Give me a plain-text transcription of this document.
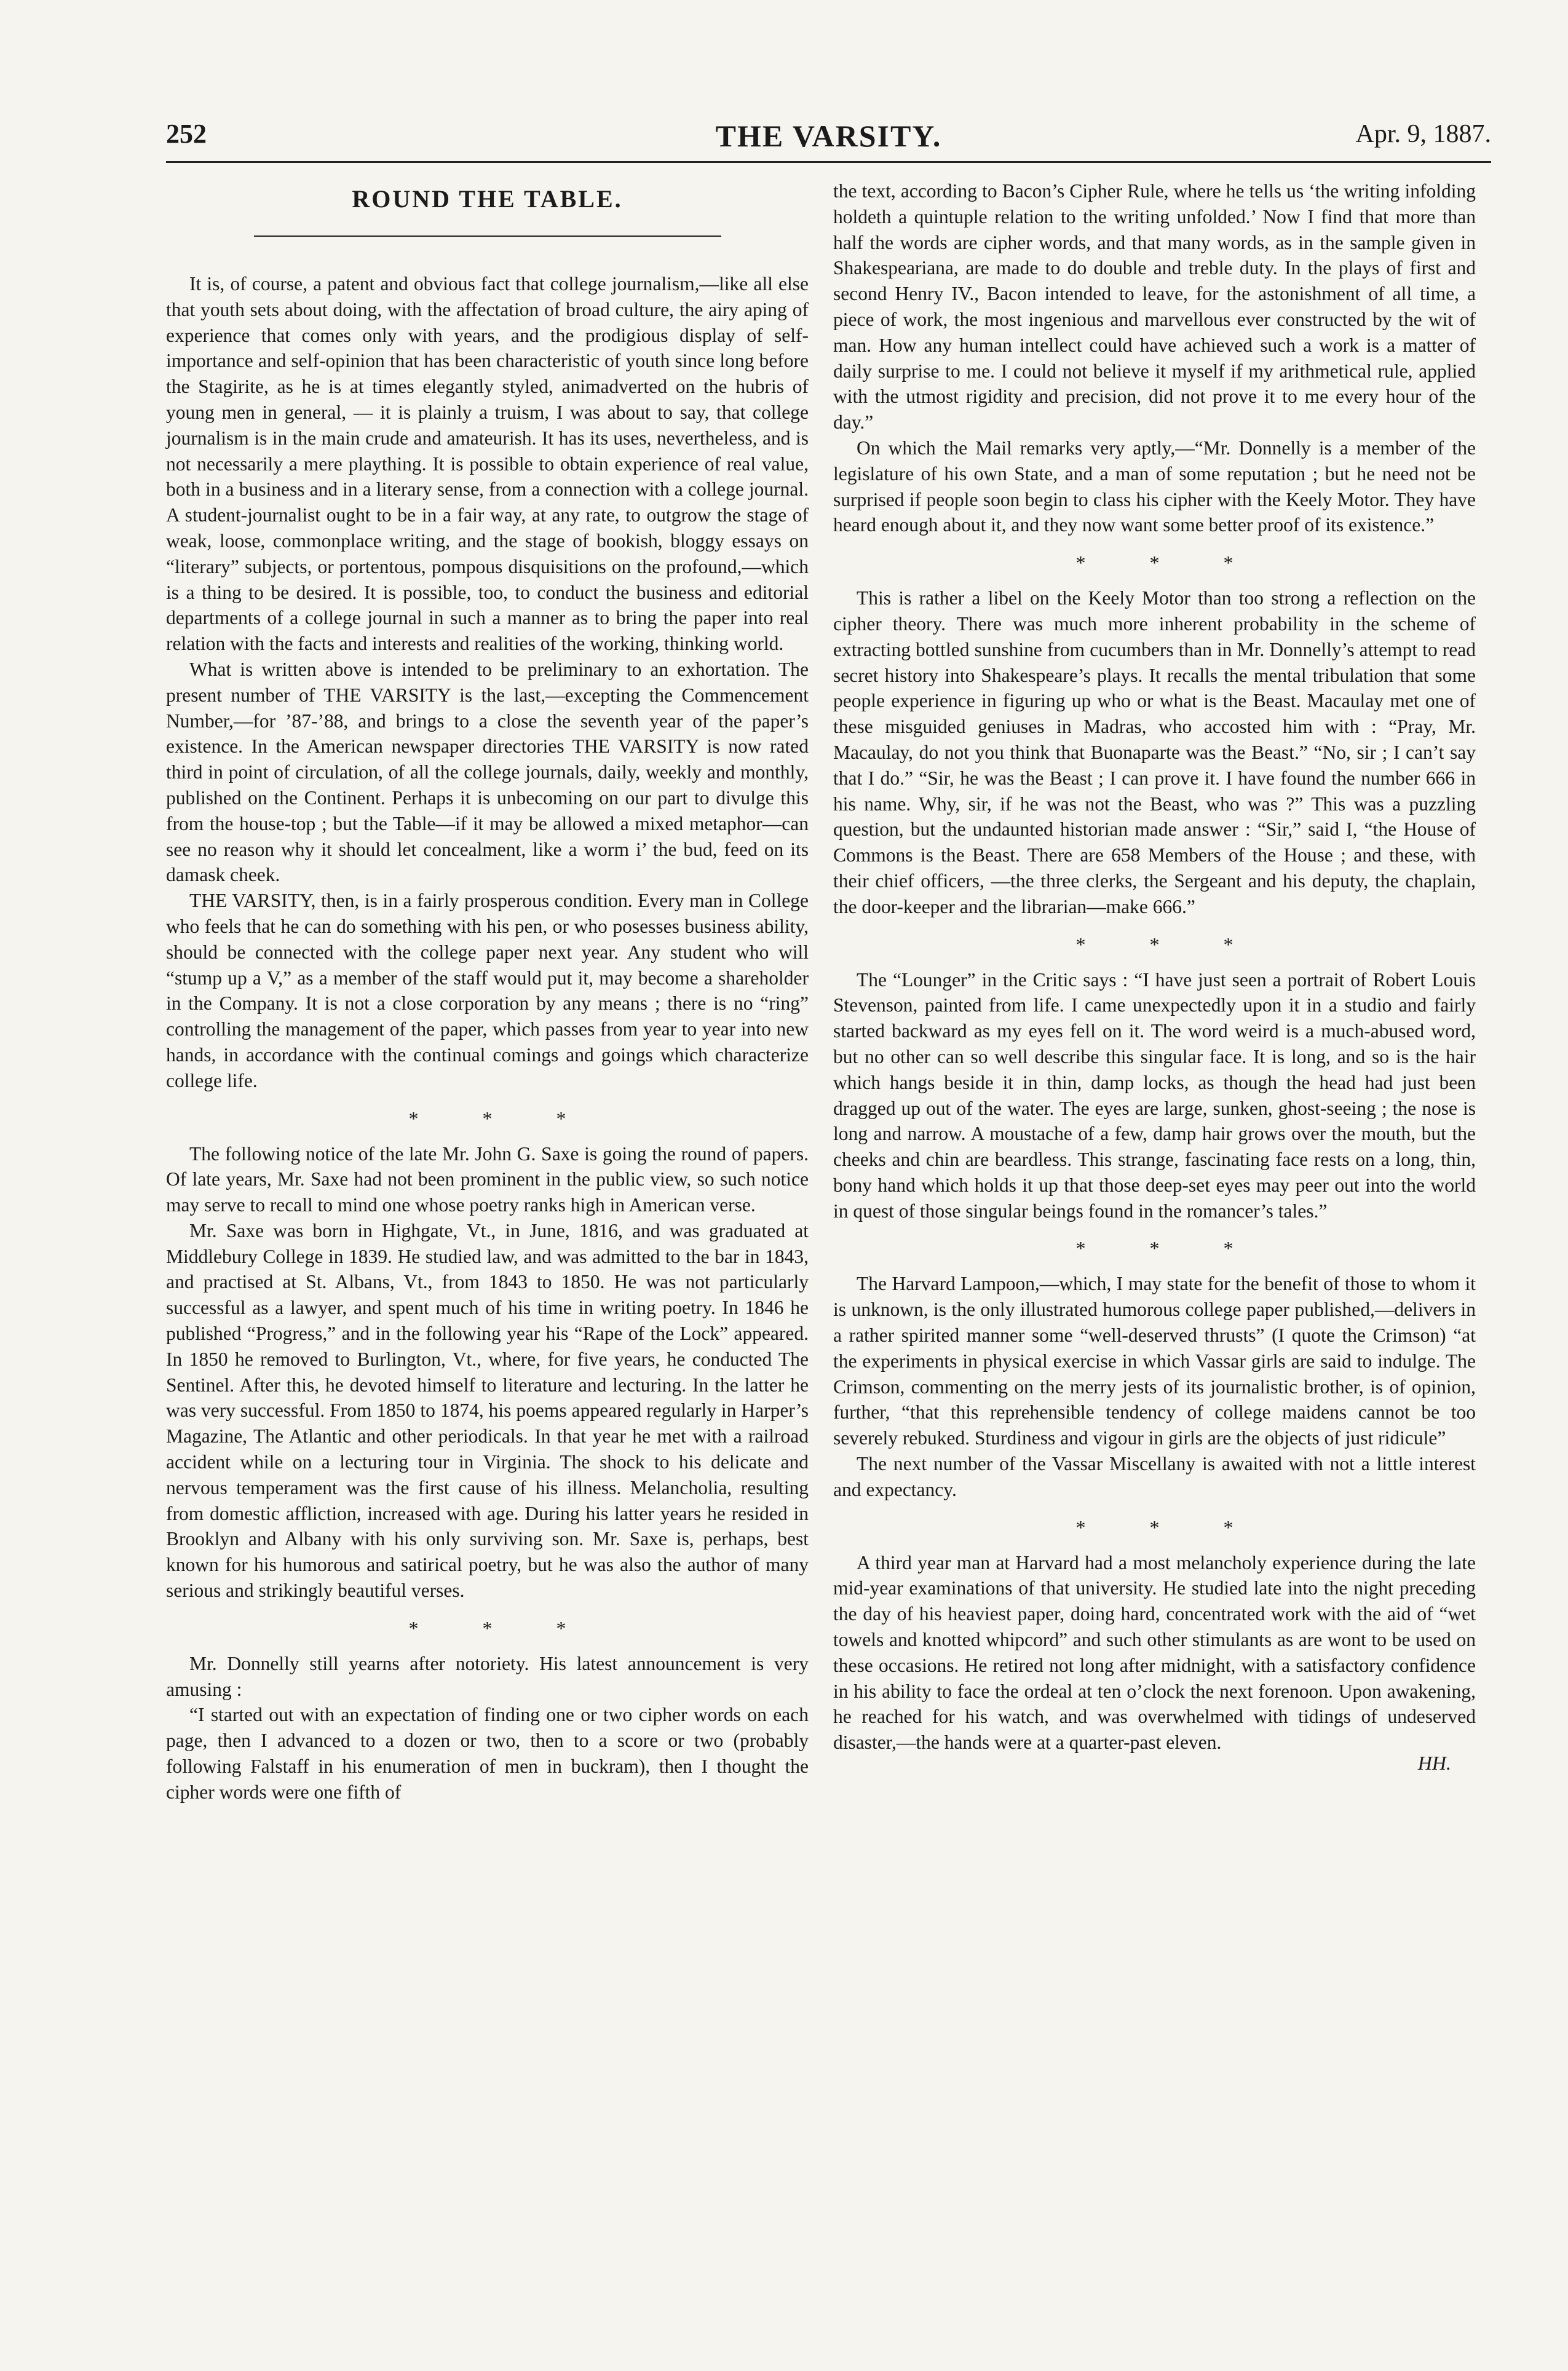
252	THE VARSITY.	Apr. 9, 1887.
ROUND THE TABLE.

It is, of course, a patent and obvious fact that college journalism,—like all else that youth sets about doing, with the affectation of broad culture, the airy aping of experience that comes only with years, and the prodigious display of self-importance and self-opinion that has been characteristic of youth since long before the Stagirite, as he is at times elegantly styled, animadverted on the hubris of young men in general, — it is plainly a truism, I was about to say, that college journalism is in the main crude and amateurish. It has its uses, nevertheless, and is not necessarily a mere plaything. It is possible to obtain experience of real value, both in a business and in a literary sense, from a connection with a college journal. A student-journalist ought to be in a fair way, at any rate, to outgrow the stage of weak, loose, commonplace writing, and the stage of bookish, bloggy essays on “literary” subjects, or portentous, pompous disquisitions on the profound,—which is a thing to be desired. It is possible, too, to conduct the business and editorial departments of a college journal in such a manner as to bring the paper into real relation with the facts and interests and realities of the working, thinking world.

What is written above is intended to be preliminary to an exhortation. The present number of THE VARSITY is the last,—excepting the Commencement Number,—for ’87-’88, and brings to a close the seventh year of the paper’s existence. In the American newspaper directories THE VARSITY is now rated third in point of circulation, of all the college journals, daily, weekly and monthly, published on the Continent. Perhaps it is unbecoming on our part to divulge this from the house-top ; but the Table—if it may be allowed a mixed metaphor—can see no reason why it should let concealment, like a worm i’ the bud, feed on its damask cheek.

THE VARSITY, then, is in a fairly prosperous condition. Every man in College who feels that he can do something with his pen, or who posesses business ability, should be connected with the college paper next year. Any student who will “stump up a V,” as a member of the staff would put it, may become a shareholder in the Company. It is not a close corporation by any means ; there is no “ring” controlling the management of the paper, which passes from year to year into new hands, in accordance with the continual comings and goings which characterize college life.

* * *

The following notice of the late Mr. John G. Saxe is going the round of papers. Of late years, Mr. Saxe had not been prominent in the public view, so such notice may serve to recall to mind one whose poetry ranks high in American verse.

Mr. Saxe was born in Highgate, Vt., in June, 1816, and was graduated at Middlebury College in 1839. He studied law, and was admitted to the bar in 1843, and practised at St. Albans, Vt., from 1843 to 1850. He was not particularly successful as a lawyer, and spent much of his time in writing poetry. In 1846 he published “Progress,” and in the following year his “Rape of the Lock” appeared. In 1850 he removed to Burlington, Vt., where, for five years, he conducted The Sentinel. After this, he devoted himself to literature and lecturing. In the latter he was very successful. From 1850 to 1874, his poems appeared regularly in Harper’s Magazine, The Atlantic and other periodicals. In that year he met with a railroad accident while on a lecturing tour in Virginia. The shock to his delicate and nervous temperament was the first cause of his illness. Melancholia, resulting from domestic affliction, increased with age. During his latter years he resided in Brooklyn and Albany with his only surviving son. Mr. Saxe is, perhaps, best known for his humorous and satirical poetry, but he was also the author of many serious and strikingly beautiful verses.

* * *

Mr. Donnelly still yearns after notoriety. His latest announcement is very amusing :

“I started out with an expectation of finding one or two cipher words on each page, then I advanced to a dozen or two, then to a score or two (probably following Falstaff in his enumeration of men in buckram), then I thought the cipher words were one fifth of

the text, according to Bacon’s Cipher Rule, where he tells us ‘the writing infolding holdeth a quintuple relation to the writing unfolded.’ Now I find that more than half the words are cipher words, and that many words, as in the sample given in Shakespeariana, are made to do double and treble duty. In the plays of first and second Henry IV., Bacon intended to leave, for the astonishment of all time, a piece of work, the most ingenious and marvellous ever constructed by the wit of man. How any human intellect could have achieved such a work is a matter of daily surprise to me. I could not believe it myself if my arithmetical rule, applied with the utmost rigidity and precision, did not prove it to me every hour of the day.”

On which the Mail remarks very aptly,—“Mr. Donnelly is a member of the legislature of his own State, and a man of some reputation ; but he need not be surprised if people soon begin to class his cipher with the Keely Motor. They have heard enough about it, and they now want some better proof of its existence.”

* * *

This is rather a libel on the Keely Motor than too strong a reflection on the cipher theory. There was much more inherent probability in the scheme of extracting bottled sunshine from cucumbers than in Mr. Donnelly’s attempt to read secret history into Shakespeare’s plays. It recalls the mental tribulation that some people experience in figuring up who or what is the Beast. Macaulay met one of these misguided geniuses in Madras, who accosted him with : “Pray, Mr. Macaulay, do not you think that Buonaparte was the Beast.” “No, sir ; I can’t say that I do.” “Sir, he was the Beast ; I can prove it. I have found the number 666 in his name. Why, sir, if he was not the Beast, who was ?” This was a puzzling question, but the undaunted historian made answer : “Sir,” said I, “the House of Commons is the Beast. There are 658 Members of the House ; and these, with their chief officers, —the three clerks, the Sergeant and his deputy, the chaplain, the door-keeper and the librarian—make 666.”

* * *

The “Lounger” in the Critic says : “I have just seen a portrait of Robert Louis Stevenson, painted from life. I came unexpectedly upon it in a studio and fairly started backward as my eyes fell on it. The word weird is a much-abused word, but no other can so well describe this singular face. It is long, and so is the hair which hangs beside it in thin, damp locks, as though the head had just been dragged up out of the water. The eyes are large, sunken, ghost-seeing ; the nose is long and narrow. A moustache of a few, damp hair grows over the mouth, but the cheeks and chin are beardless. This strange, fascinating face rests on a long, thin, bony hand which holds it up that those deep-set eyes may peer out into the world in quest of those singular beings found in the romancer’s tales.”

* * *

The Harvard Lampoon,—which, I may state for the benefit of those to whom it is unknown, is the only illustrated humorous college paper published,—delivers in a rather spirited manner some “well-deserved thrusts” (I quote the Crimson) “at the experiments in physical exercise in which Vassar girls are said to indulge. The Crimson, commenting on the merry jests of its journalistic brother, is of opinion, further, “that this reprehensible tendency of college maidens cannot be too severely rebuked. Sturdiness and vigour in girls are the objects of just ridicule”

The next number of the Vassar Miscellany is awaited with not a little interest and expectancy.

* * *

A third year man at Harvard had a most melancholy experience during the late mid-year examinations of that university. He studied late into the night preceding the day of his heaviest paper, doing hard, concentrated work with the aid of “wet towels and knotted whipcord” and such other stimulants as are wont to be used on these occasions. He retired not long after midnight, with a satisfactory confidence in his ability to face the ordeal at ten o’clock the next forenoon. Upon awakening, he reached for his watch, and was overwhelmed with tidings of undeserved disaster,—the hands were at a quarter-past eleven.

HH.
